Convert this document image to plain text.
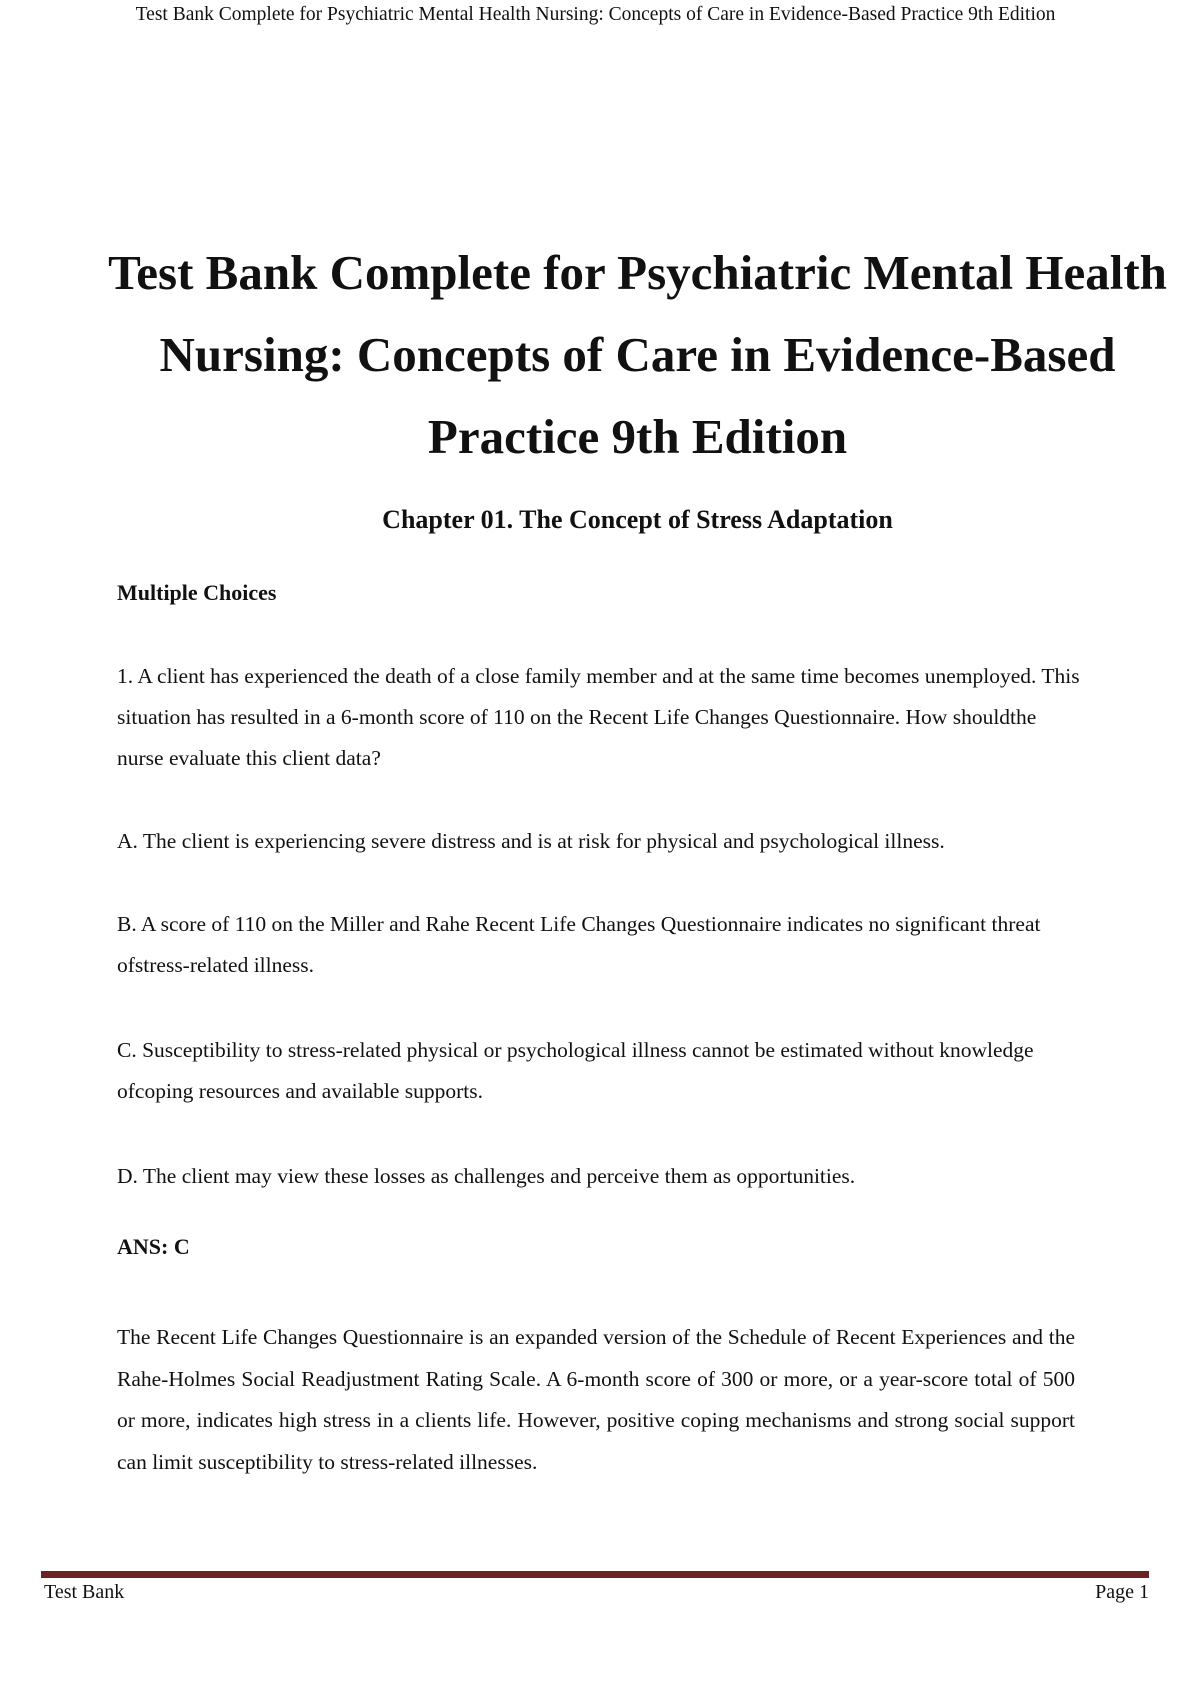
Test Bank Complete for Psychiatric Mental Health Nursing: Concepts of Care in Evidence-Based Practice 9th Edition
Test Bank Complete for Psychiatric Mental Health Nursing: Concepts of Care in Evidence-Based Practice 9th Edition
Chapter 01. The Concept of Stress Adaptation
Multiple Choices
1. A client has experienced the death of a close family member and at the same time becomes unemployed. This situation has resulted in a 6-month score of 110 on the Recent Life Changes Questionnaire. How shouldthe nurse evaluate this client data?
A. The client is experiencing severe distress and is at risk for physical and psychological illness.
B. A score of 110 on the Miller and Rahe Recent Life Changes Questionnaire indicates no significant threat ofstress-related illness.
C. Susceptibility to stress-related physical or psychological illness cannot be estimated without knowledge ofcoping resources and available supports.
D. The client may view these losses as challenges and perceive them as opportunities.
ANS: C
The Recent Life Changes Questionnaire is an expanded version of the Schedule of Recent Experiences and the Rahe-Holmes Social Readjustment Rating Scale. A 6-month score of 300 or more, or a year-score total of 500 or more, indicates high stress in a clients life. However, positive coping mechanisms and strong social support can limit susceptibility to stress-related illnesses.
Test Bank	Page 1
